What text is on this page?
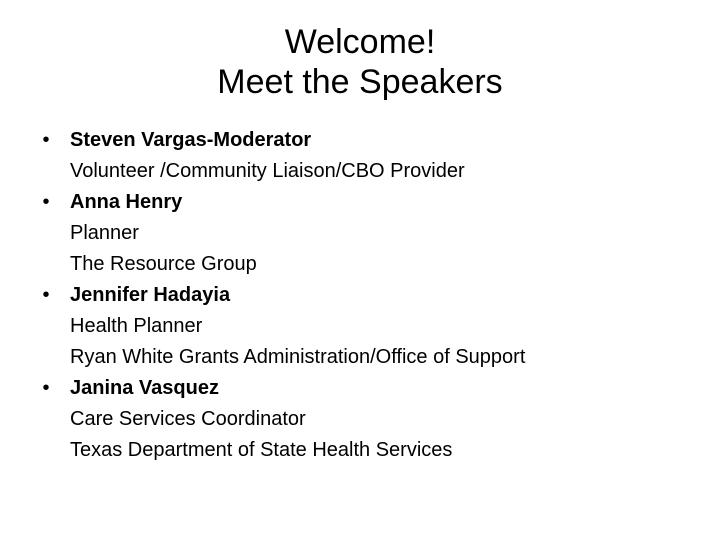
Welcome!
Meet the Speakers
•	Steven Vargas-Moderator
Volunteer /Community Liaison/CBO Provider
•	Anna Henry
Planner
The Resource Group
•	Jennifer Hadayia
Health Planner
Ryan White Grants Administration/Office of Support
•	Janina Vasquez
Care Services Coordinator
Texas Department of State Health Services
